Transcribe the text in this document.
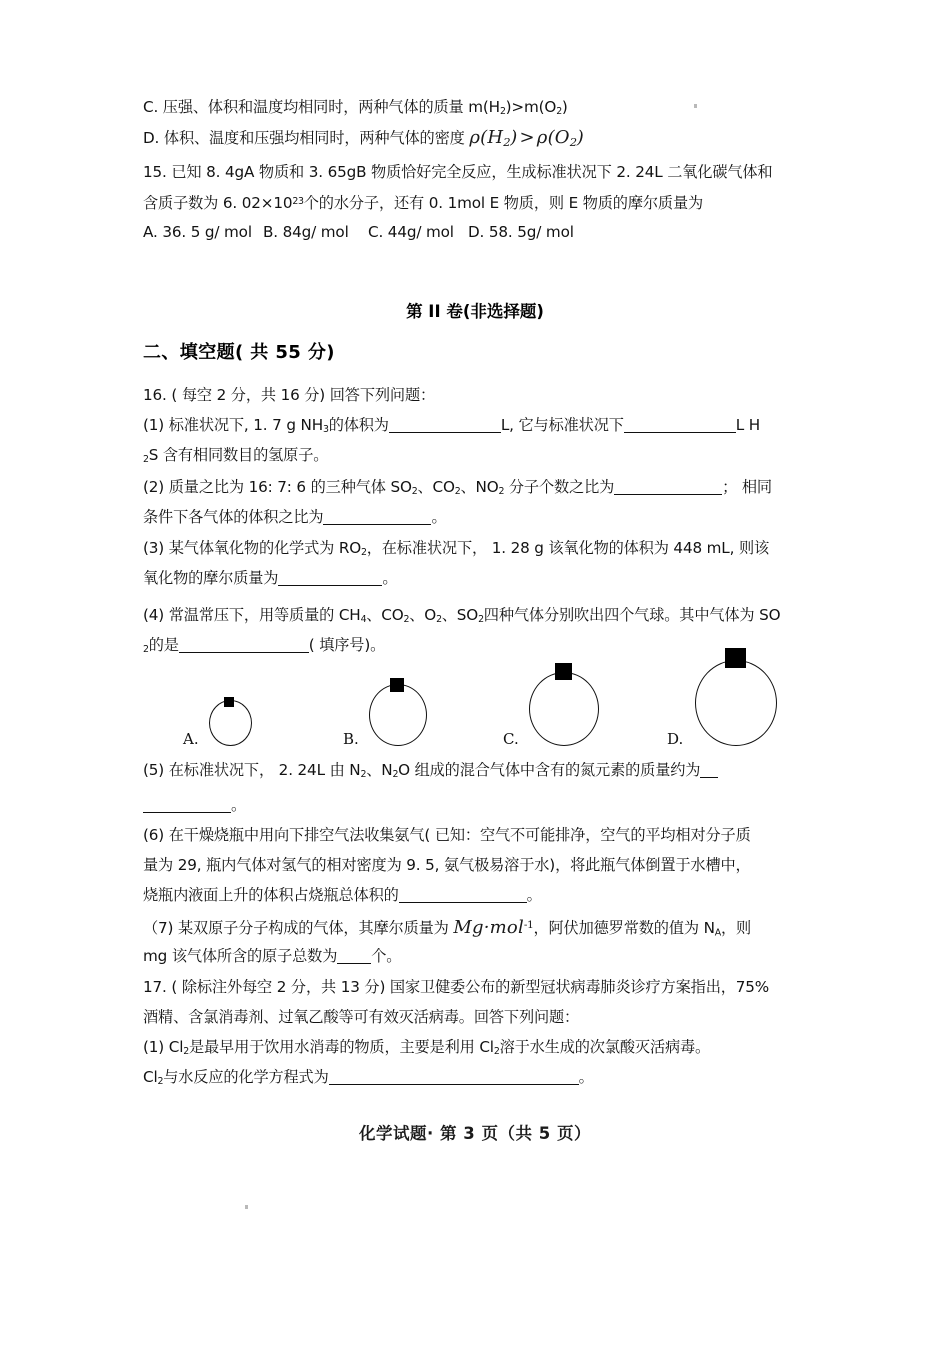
C. 压强、体积和温度均相同时，两种气体的质量 $m(H_2)>m(O_2)$
D. 体积、温度和压强均相同时，两种气体的密度 $\rho(H_2) > \rho(O_2)$
15. 已知 8. 4gA 物质和 3. 65gB 物质恰好完全反应，生成标准状况下 2. 24L 二氧化碳气体和
含质子数为 6. $02\times 10^{23}$个的水分子，还有 0. 1mol E 物质，则 E 物质的摩尔质量为
A. 36. 5 g/ mol B. 84g/ mol C. 44g/ mol D. 58. 5g/ mol
第 II 卷(非选择题)
二、填空题( 共 55 分)
16. ( 每空 2 分，共 16 分) 回答下列问题：
(1) 标准状况下, 1. 7 g $NH_3$的体积为	L, 它与标准状况下	L H
$_2$S 含有相同数目的氢原子。
(2) 质量之比为 16: 7: 6 的三种气体 $SO_2$、$CO_2$、$NO_2$ 分子个数之比为	； 相同
条件下各气体的体积之比为	。
(3) 某气体氧化物的化学式为 $RO_2$，在标准状况下， 1. 28 g 该氧化物的体积为 448 mL, 则该
氧化物的摩尔质量为	。
(4) 常温常压下，用等质量的 $CH_4$、$CO_2$、$O_2$、$SO_2$四种气体分别吹出四个气球。其中气体为 SO
$_2$的是	( 填序号)。
A.	B.	C.	D.
(5) 在标准状况下， 2. 24L 由 $N_2$、$N_2O$ 组成的混合气体中含有的氮元素的质量约为
。
(6) 在干燥烧瓶中用向下排空气法收集氨气( 已知：空气不可能排净，空气的平均相对分子质
量为 29, 瓶内气体对氢气的相对密度为 9. 5, 氨气极易溶于水)，将此瓶气体倒置于水槽中，
烧瓶内液面上升的体积占烧瓶总体积的	。
（7) 某双原子分子构成的气体，其摩尔质量为 Mg·mol$^{-1}$，阿伏加德罗常数的值为 $N_A$，则
mg 该气体所含的原子总数为 个。
17. ( 除标注外每空 2 分，共 13 分) 国家卫健委公布的新型冠状病毒肺炎诊疗方案指出，75%
酒精、含氯消毒剂、过氧乙酸等可有效灭活病毒。回答下列问题：
(1) $Cl_2$是最早用于饮用水消毒的物质，主要是利用 $Cl_2$溶于水生成的次氯酸灭活病毒。
$Cl_2$与水反应的化学方程式为	。
化学试题· 第 3 页（共 5 页）
